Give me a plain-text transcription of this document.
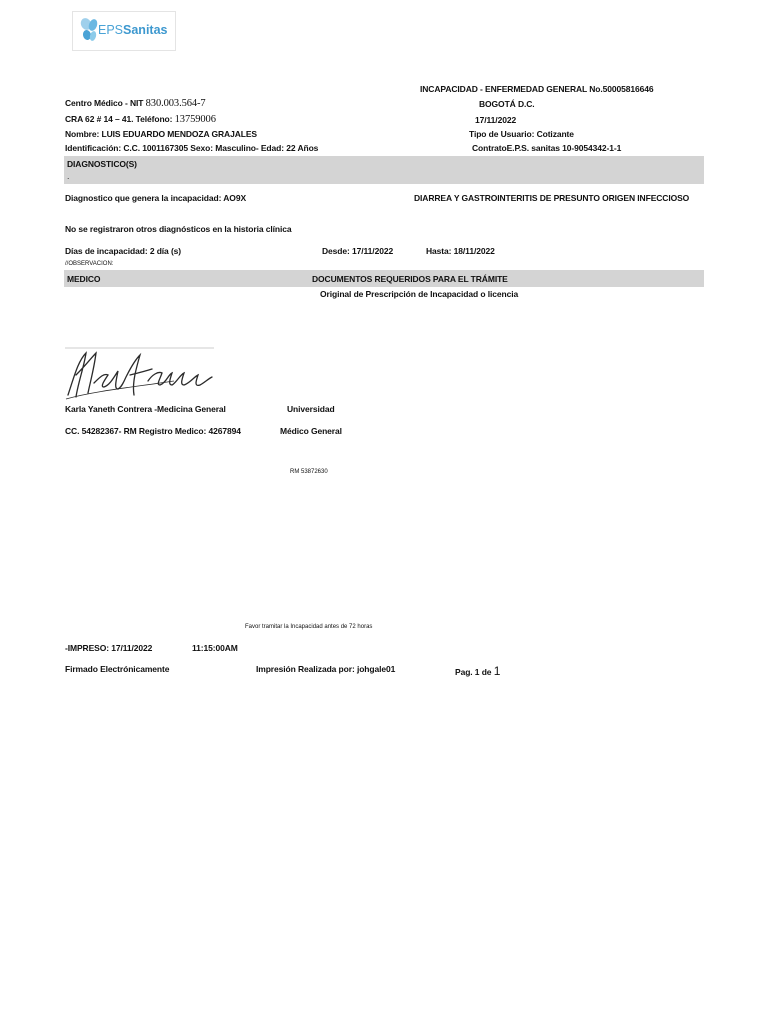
EPSSanitas
INCAPACIDAD - ENFERMEDAD GENERAL No.50005816646
Centro Médico - NIT 830.003.564-7	BOGOTÁ D.C.
CRA 62 # 14 – 41. Teléfono: 13759006	17/11/2022
Nombre: LUIS EDUARDO MENDOZA GRAJALES	Tipo de Usuario: Cotizante
Identificación: C.C. 1001167305 Sexo: Masculino- Edad: 22 Años	ContratoE.P.S. sanitas 10-9054342-1-1
DIAGNOSTICO(S)
.
Diagnostico que genera la incapacidad: AO9X	DIARREA Y GASTROINTERITIS DE PRESUNTO ORIGEN INFECCIOSO
No se registraron otros diagnósticos en la historia clínica
Días de incapacidad: 2 día (s)	Desde: 17/11/2022	Hasta: 18/11/2022
//OBSERVACION:
MEDICO	DOCUMENTOS REQUERIDOS PARA EL TRÁMITE
Original de Prescripción de Incapacidad o licencia
Karla Yaneth Contrera -Medicina General	Universidad
CC. 54282367- RM Registro Medico: 4267894	Médico General
RM 53872630
Favor tramitar la Incapacidad antes de 72 horas
-IMPRESO: 17/11/2022	11:15:00AM
Firmado Electrónicamente	Impresión Realizada por: johgale01	Pag. 1 de 1
